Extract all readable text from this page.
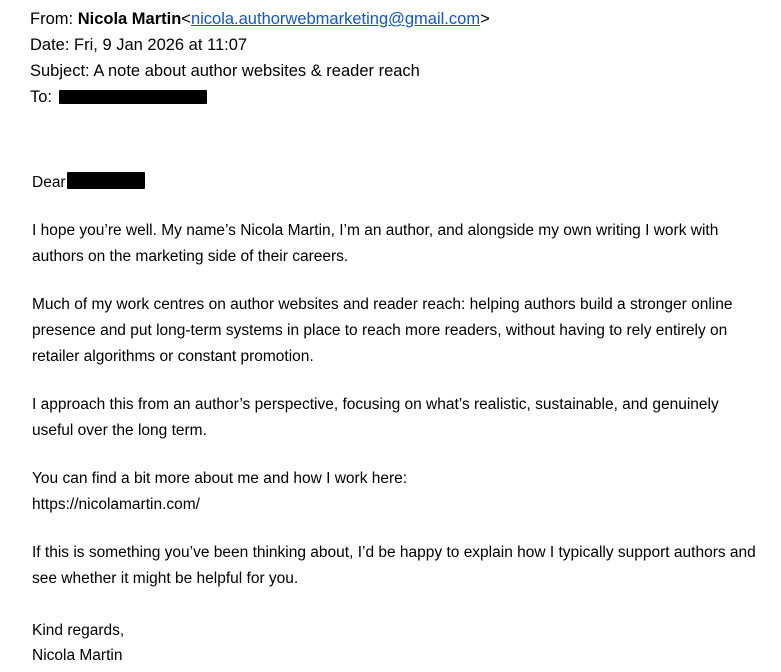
From: Nicola Martin<nicola.authorwebmarketing@gmail.com>
Date: Fri, 9 Jan 2026 at 11:07
Subject: A note about author websites & reader reach
To:

Dear

I hope you’re well. My name’s Nicola Martin, I’m an author, and alongside my own writing I work with authors on the marketing side of their careers.

Much of my work centres on author websites and reader reach: helping authors build a stronger online presence and put long-term systems in place to reach more readers, without having to rely entirely on retailer algorithms or constant promotion.

I approach this from an author’s perspective, focusing on what’s realistic, sustainable, and genuinely useful over the long term.

You can find a bit more about me and how I work here:
https://nicolamartin.com/

If this is something you’ve been thinking about, I’d be happy to explain how I typically support authors and see whether it might be helpful for you.

Kind regards,
Nicola Martin
